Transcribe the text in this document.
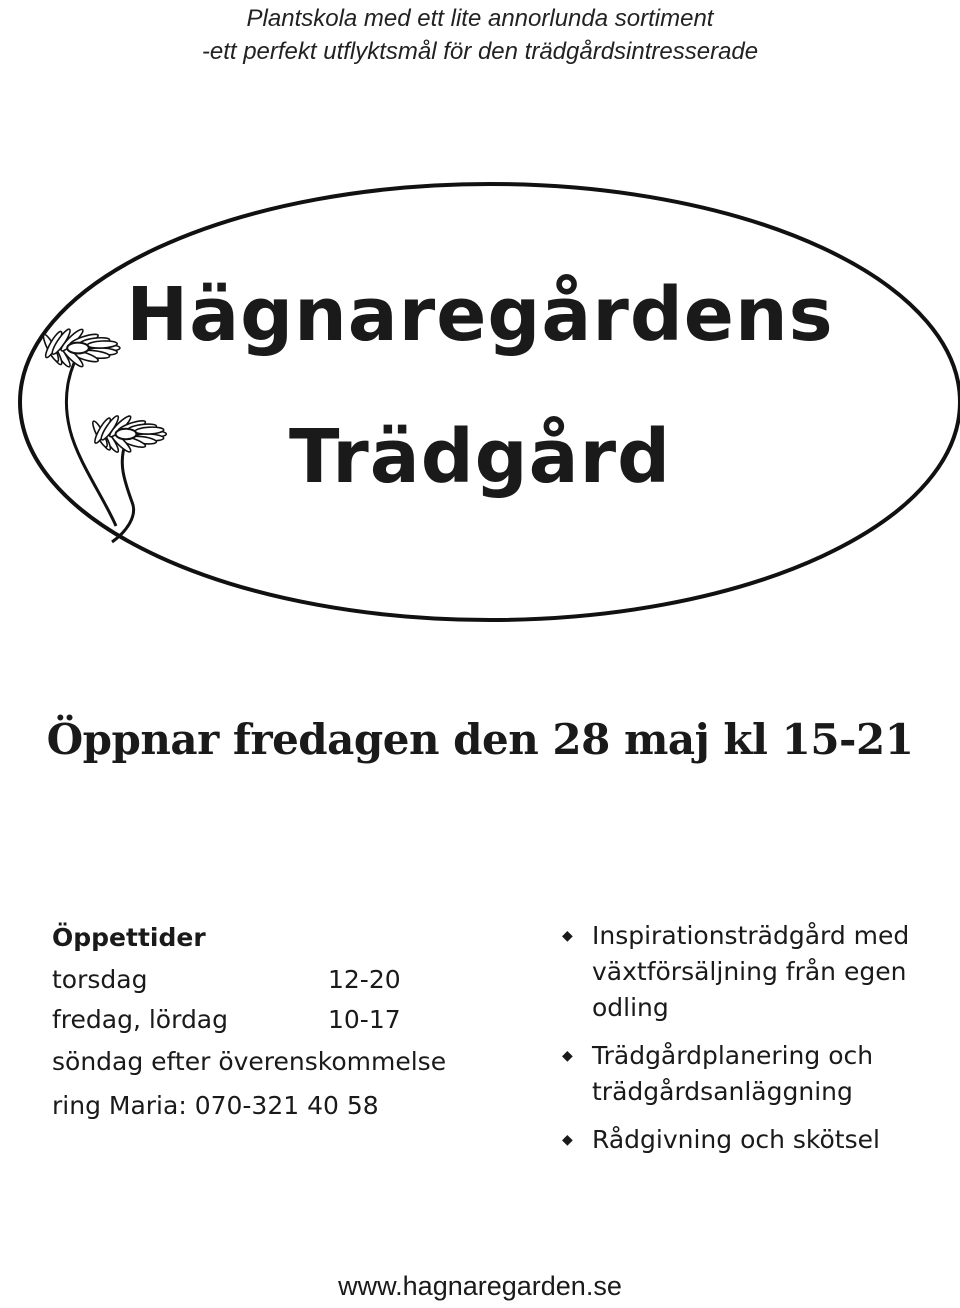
Plantskola med ett lite annorlunda sortiment
-ett perfekt utflyktsmål för den trädgårdsintresserade
Hägnaregårdens
Trädgård
Öppnar fredagen den 28 maj kl 15-21
Öppettider
torsdag	12-20
fredag, lördag	10-17
söndag efter överenskommelse
ring Maria: 070-321 40 58
◆ Inspirationsträdgård med växtförsäljning från egen odling
◆ Trädgårdplanering och trädgårdsanläggning
◆ Rådgivning och skötsel
www.hagnaregarden.se
